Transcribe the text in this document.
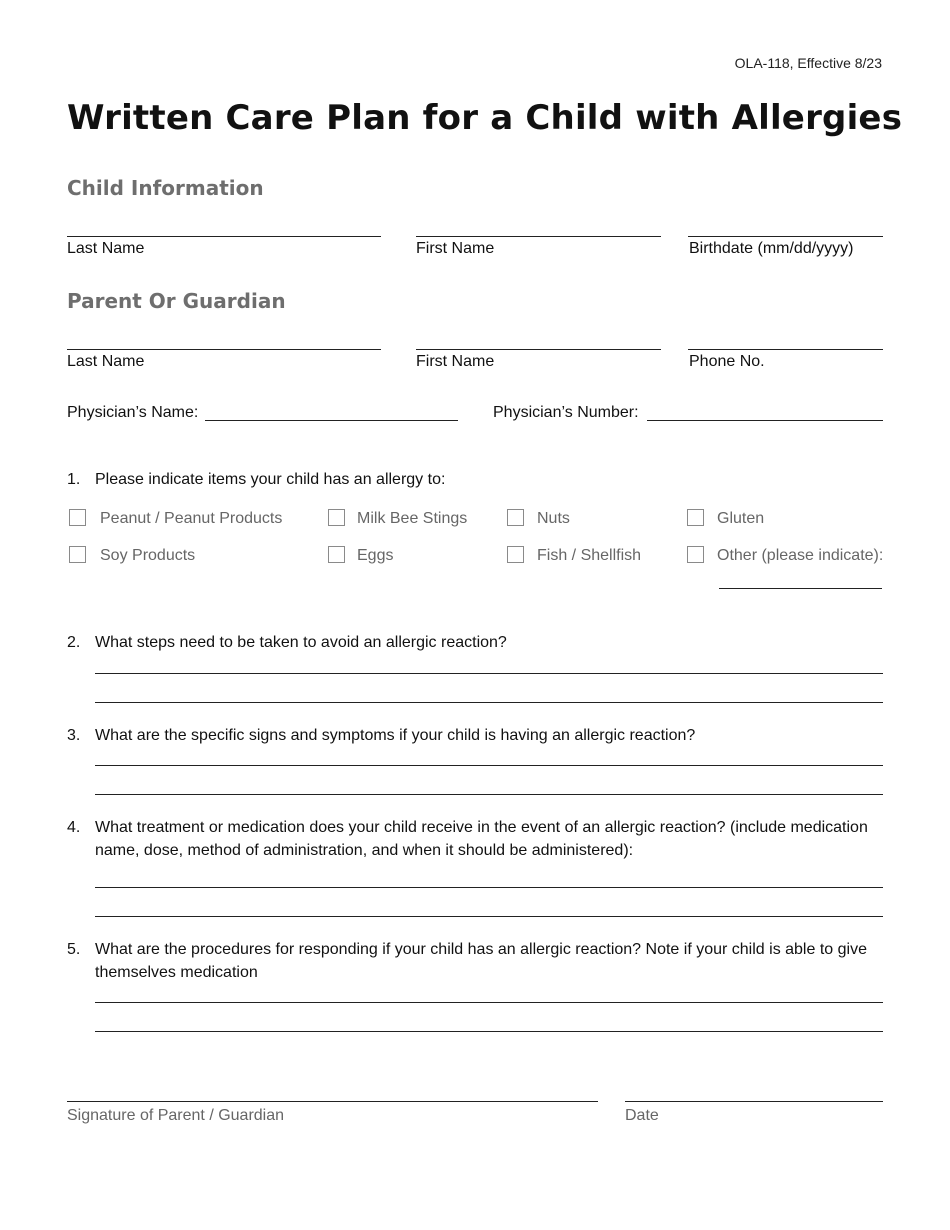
OLA-118, Effective 8/23
Written Care Plan for a Child with Allergies
Child Information
Last Name	First Name	Birthdate (mm/dd/yyyy)
Parent Or Guardian
Last Name	First Name	Phone No.
Physician’s Name:	Physician’s Number:
1. Please indicate items your child has an allergy to:
Peanut / Peanut Products	Milk Bee Stings	Nuts	Gluten
Soy Products	Eggs	Fish / Shellfish	Other (please indicate):
2. What steps need to be taken to avoid an allergic reaction?
3. What are the specific signs and symptoms if your child is having an allergic reaction?
4. What treatment or medication does your child receive in the event of an allergic reaction? (include medication name, dose, method of administration, and when it should be administered):
5. What are the procedures for responding if your child has an allergic reaction? Note if your child is able to give themselves medication
Signature of Parent / Guardian	Date
